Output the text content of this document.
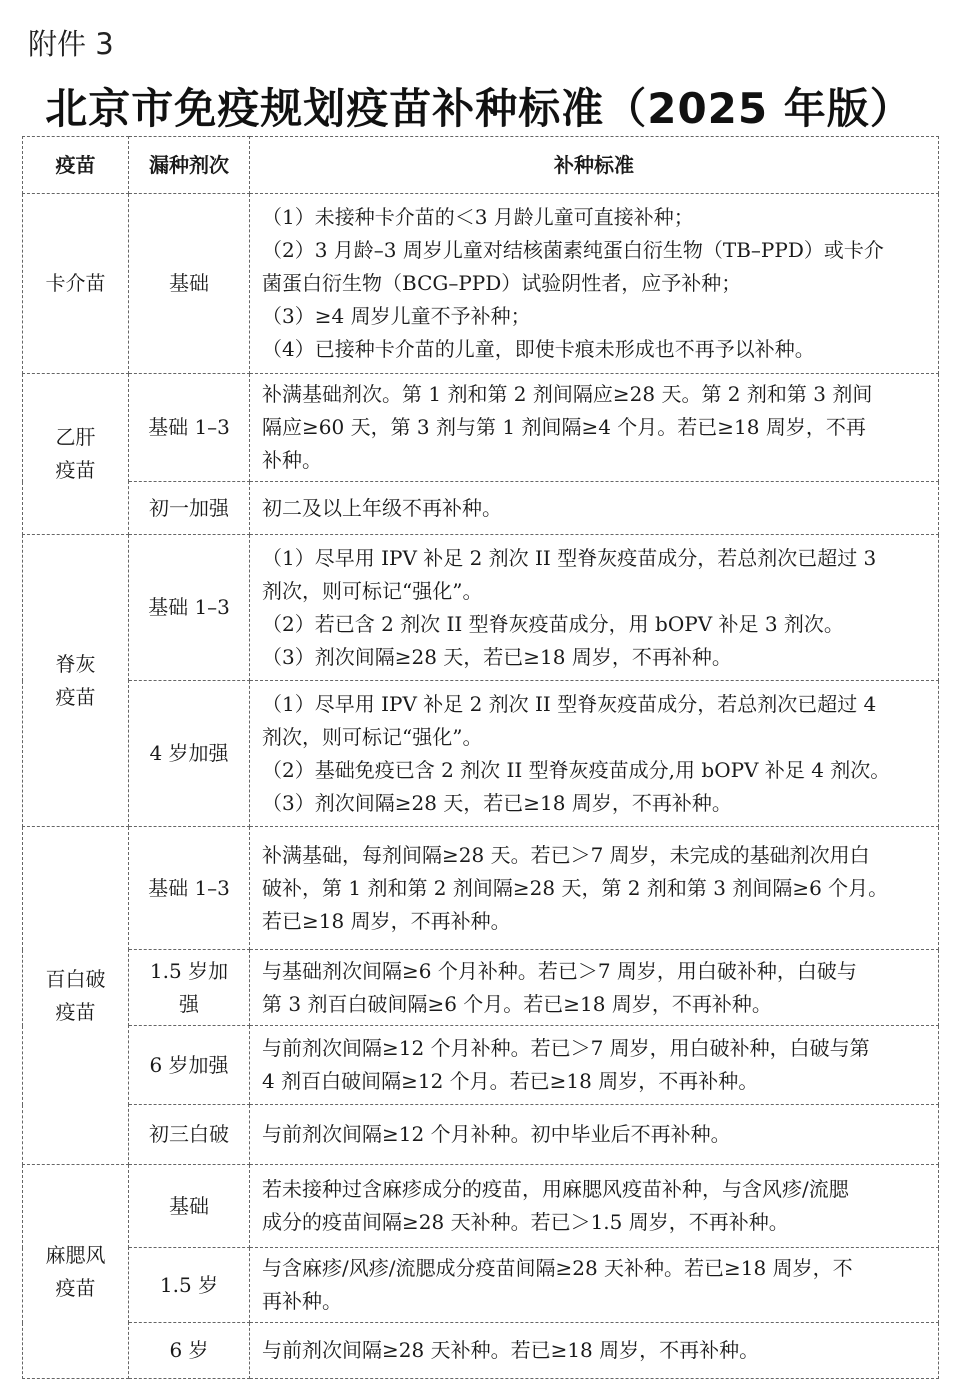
附件 3
北京市免疫规划疫苗补种标准（2025 年版）
疫苗	漏种剂次	补种标准

卡介苗	基础	（1）未接种卡介苗的＜3 月龄儿童可直接补种；
（2）3 月龄–3 周岁儿童对结核菌素纯蛋白衍生物（TB–PPD）或卡介
菌蛋白衍生物（BCG–PPD）试验阴性者，应予补种；
（3）≥4 周岁儿童不予补种；
（4）已接种卡介苗的儿童，即使卡痕未形成也不再予以补种。

乙肝
疫苗	基础 1–3	补满基础剂次。第 1 剂和第 2 剂间隔应≥28 天。第 2 剂和第 3 剂间
隔应≥60 天，第 3 剂与第 1 剂间隔≥4 个月。若已≥18 周岁，不再
补种。

	初一加强	初二及以上年级不再补种。

脊灰
疫苗	基础 1–3	（1）尽早用 IPV 补足 2 剂次 II 型脊灰疫苗成分，若总剂次已超过 3
剂次，则可标记“强化”。
（2）若已含 2 剂次 II 型脊灰疫苗成分，用 bOPV 补足 3 剂次。
（3）剂次间隔≥28 天，若已≥18 周岁，不再补种。

	4 岁加强	（1）尽早用 IPV 补足 2 剂次 II 型脊灰疫苗成分，若总剂次已超过 4
剂次，则可标记“强化”。
（2）基础免疫已含 2 剂次 II 型脊灰疫苗成分,用 bOPV 补足 4 剂次。
（3）剂次间隔≥28 天，若已≥18 周岁，不再补种。

百白破
疫苗	基础 1–3	补满基础，每剂间隔≥28 天。若已＞7 周岁，未完成的基础剂次用白
破补，第 1 剂和第 2 剂间隔≥28 天，第 2 剂和第 3 剂间隔≥6 个月。
若已≥18 周岁，不再补种。

	1.5 岁加
强	与基础剂次间隔≥6 个月补种。若已＞7 周岁，用白破补种，白破与
第 3 剂百白破间隔≥6 个月。若已≥18 周岁，不再补种。

	6 岁加强	与前剂次间隔≥12 个月补种。若已＞7 周岁，用白破补种，白破与第
4 剂百白破间隔≥12 个月。若已≥18 周岁，不再补种。

	初三白破	与前剂次间隔≥12 个月补种。初中毕业后不再补种。

麻腮风
疫苗	基础	若未接种过含麻疹成分的疫苗，用麻腮风疫苗补种，与含风疹/流腮
成分的疫苗间隔≥28 天补种。若已＞1.5 周岁，不再补种。

	1.5 岁	与含麻疹/风疹/流腮成分疫苗间隔≥28 天补种。若已≥18 周岁，不
再补种。

	6 岁	与前剂次间隔≥28 天补种。若已≥18 周岁，不再补种。
